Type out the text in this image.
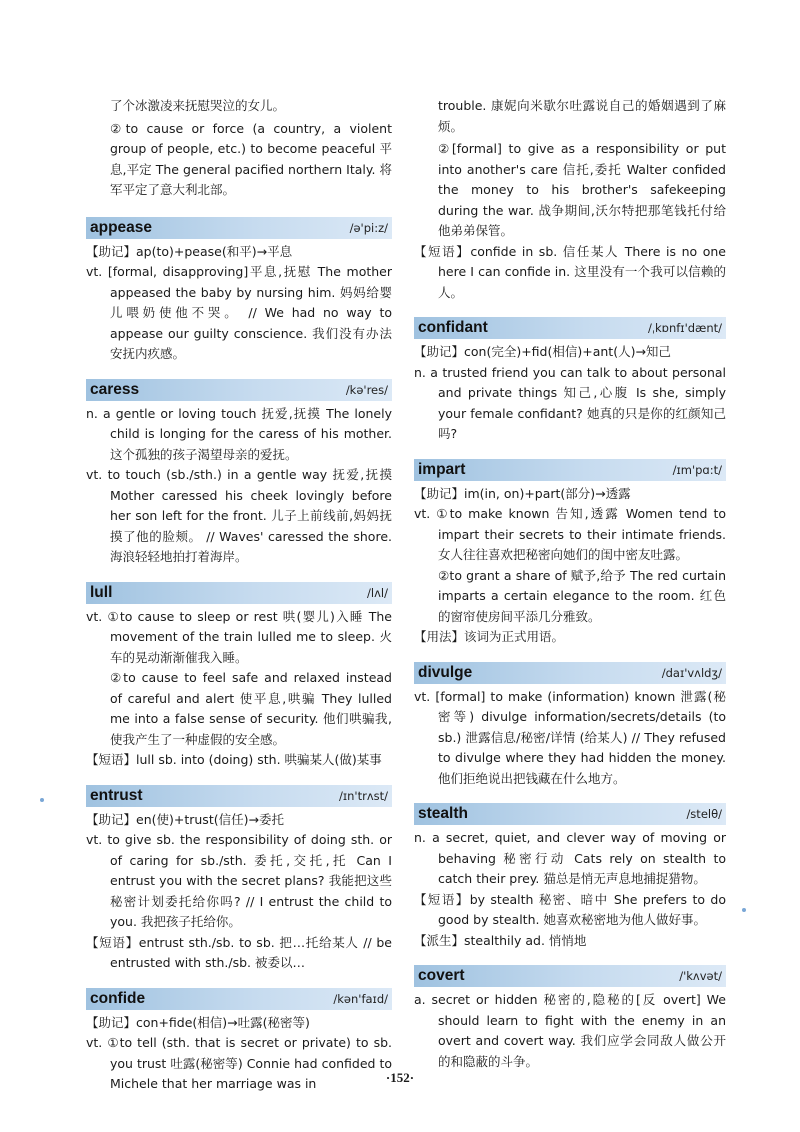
了个冰激凌来抚慰哭泣的女儿。

②to cause or force (a country, a violent group of people, etc.) to become peaceful 平息,平定 The general pacified northern Italy. 将军平定了意大利北部。

appease	/ə'pi:z/

【助记】ap(to)+pease(和平)→平息

vt. [formal, disapproving]平息,抚慰 The mother appeased the baby by nursing him. 妈妈给婴儿喂奶使他不哭。 // We had no way to appease our guilty conscience. 我们没有办法安抚内疚感。

caress	/kə'res/

n. a gentle or loving touch 抚爱,抚摸 The lonely child is longing for the caress of his mother. 这个孤独的孩子渴望母亲的爱抚。

vt. to touch (sb./sth.) in a gentle way 抚爱,抚摸 Mother caressed his cheek lovingly before her son left for the front. 儿子上前线前,妈妈抚摸了他的脸颊。 // Waves' caressed the shore. 海浪轻轻地拍打着海岸。

lull	/lʌl/

vt. ①to cause to sleep or rest 哄(婴儿)入睡 The movement of the train lulled me to sleep. 火车的晃动渐渐催我入睡。

②to cause to feel safe and relaxed instead of careful and alert 使平息,哄骗 They lulled me into a false sense of security. 他们哄骗我,使我产生了一种虚假的安全感。

【短语】lull sb. into (doing) sth. 哄骗某人(做)某事

entrust	/ɪn'trʌst/

【助记】en(使)+trust(信任)→委托

vt. to give sb. the responsibility of doing sth. or of caring for sb./sth. 委托,交托,托 Can I entrust you with the secret plans? 我能把这些秘密计划委托给你吗? // I entrust the child to you. 我把孩子托给你。

【短语】entrust sth./sb. to sb. 把…托给某人 // be entrusted with sth./sb. 被委以…

confide	/kən'faɪd/

【助记】con+fide(相信)→吐露(秘密等)

vt. ①to tell (sth. that is secret or private) to sb. you trust 吐露(秘密等) Connie had confided to Michele that her marriage was in

trouble. 康妮向米歇尔吐露说自己的婚姻遇到了麻烦。

②[formal] to give as a responsibility or put into another's care 信托,委托 Walter confided the money to his brother's safekeeping during the war. 战争期间,沃尔特把那笔钱托付给他弟弟保管。

【短语】confide in sb. 信任某人 There is no one here I can confide in. 这里没有一个我可以信赖的人。

confidant	/ˌkɒnfɪ'dænt/

【助记】con(完全)+fid(相信)+ant(人)→知己

n. a trusted friend you can talk to about personal and private things 知己,心腹 Is she, simply your female confidant? 她真的只是你的红颜知己吗?

impart	/ɪm'pɑ:t/

【助记】im(in, on)+part(部分)→透露

vt. ①to make known 告知,透露 Women tend to impart their secrets to their intimate friends. 女人往往喜欢把秘密向她们的闺中密友吐露。

②to grant a share of 赋予,给予 The red curtain imparts a certain elegance to the room. 红色的窗帘使房间平添几分雅致。

【用法】该词为正式用语。

divulge	/daɪ'vʌldʒ/

vt. [formal] to make (information) known 泄露(秘密等) divulge information/secrets/details (to sb.) 泄露信息/秘密/详情 (给某人) // They refused to divulge where they had hidden the money. 他们拒绝说出把钱藏在什么地方。

stealth	/stelθ/

n. a secret, quiet, and clever way of moving or behaving 秘密行动 Cats rely on stealth to catch their prey. 猫总是悄无声息地捕捉猎物。

【短语】by stealth 秘密、暗中 She prefers to do good by stealth. 她喜欢秘密地为他人做好事。

【派生】stealthily ad. 悄悄地

covert	/'kʌvət/

a. secret or hidden 秘密的,隐秘的[反 overt] We should learn to fight with the enemy in an overt and covert way. 我们应学会同敌人做公开的和隐蔽的斗争。

·152·
